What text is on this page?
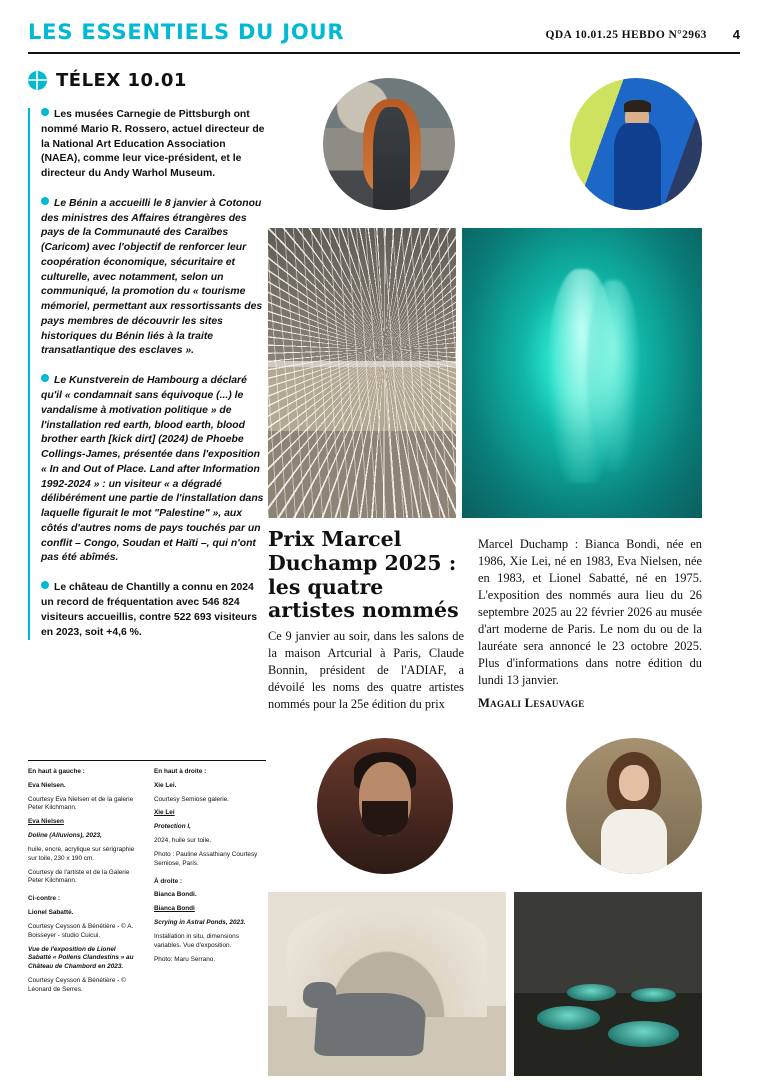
LES ESSENTIELS DU JOUR	QDA 10.01.25 HEBDO N°2963 4
TÉLEX 10.01

Les musées Carnegie de Pittsburgh ont nommé Mario R. Rossero, actuel directeur de la National Art Education Association (NAEA), comme leur vice-président, et le directeur du Andy Warhol Museum.

Le Bénin a accueilli le 8 janvier à Cotonou des ministres des Affaires étrangères des pays de la Communauté des Caraïbes (Caricom) avec l'objectif de renforcer leur coopération économique, sécuritaire et culturelle, avec notamment, selon un communiqué, la promotion du « tourisme mémoriel, permettant aux ressortissants des pays membres de découvrir les sites historiques du Bénin liés à la traite transatlantique des esclaves ».

Le Kunstverein de Hambourg a déclaré qu'il « condamnait sans équivoque (...) le vandalisme à motivation politique » de l'installation red earth, blood earth, blood brother earth [kick dirt] (2024) de Phoebe Collings-James, présentée dans l'exposition « In and Out of Place. Land after Information 1992-2024 » : un visiteur « a dégradé délibérément une partie de l'installation dans laquelle figurait le mot "Palestine" », aux côtés d'autres noms de pays touchés par un conflit – Congo, Soudan et Haïti –, qui n'ont pas été abîmés.

Le château de Chantilly a connu en 2024 un record de fréquentation avec 546 824 visiteurs accueillis, contre 522 693 visiteurs en 2023, soit +4,6 %.

Prix Marcel Duchamp 2025 : les quatre artistes nommés
Ce 9 janvier au soir, dans les salons de la maison Artcurial à Paris, Claude Bonnin, président de l'ADIAF, a dévoilé les noms des quatre artistes nommés pour la 25e édition du prix
Marcel Duchamp : Bianca Bondi, née en 1986, Xie Lei, né en 1983, Eva Nielsen, née en 1983, et Lionel Sabatté, né en 1975. L'exposition des nommés aura lieu du 26 septembre 2025 au 22 février 2026 au musée d'art moderne de Paris. Le nom du ou de la lauréate sera annoncé le 23 octobre 2025. Plus d'informations dans notre édition du lundi 13 janvier.
Magali Lesauvage

En haut à gauche :

Eva Nielsen.

Courtesy Eva Nielsen et de la galerie Peter Kilchmann.

Eva Nielsen

Doline (Alluvions), 2023,

huile, encre, acrylique sur sérigraphie sur toile, 230 x 190 cm.

Courtesy de l'artiste et de la Galerie Peter Kilchmann.

Ci-contre :

Lionel Sabatté.

Courtesy Ceysson & Bénétière - © A. Boisseyer - studio Cuicui.

Vue de l'exposition de Lionel Sabatté « Pollens Clandestins » au Château de Chambord en 2023.

Courtesy Ceysson & Bénétière - © Léonard de Serres.

En haut à droite :

Xie Lei.

Courtesy Semiose galerie.

Xie Lei

Protection I,

2024, huile sur toile.

Photo : Pauline Assathiany Courtesy Semiose, Paris.

À droite :

Bianca Bondi.

Bianca Bondi

Scrying in Astral Ponds, 2023.

Installation in situ, dimensions variables. Vue d'exposition.

Photo: Maru Serrano.
